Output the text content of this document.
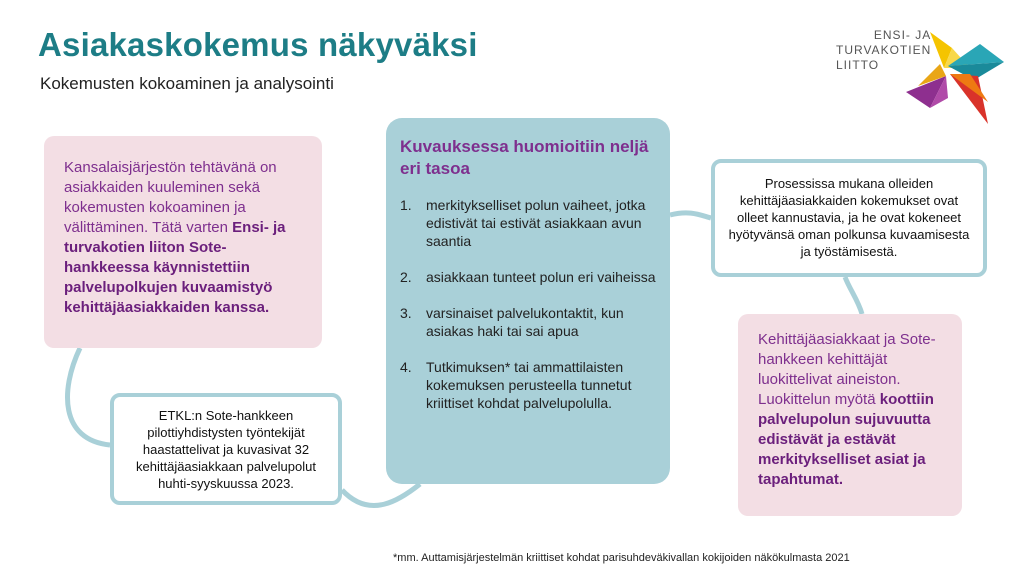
Asiakaskokemus näkyväksi
Kokemusten kokoaminen ja analysointi
ENSI- JA
TURVAKOTIEN
LIITTO
Kansalaisjärjestön tehtävänä on asiakkaiden kuuleminen sekä kokemusten kokoaminen ja välittäminen. Tätä varten Ensi- ja turvakotien liiton Sote-hankkeessa käynnistettiin palvelupolkujen kuvaamistyö kehittäjäasiakkaiden kanssa.
ETKL:n Sote-hankkeen pilottiyhdistysten työntekijät haastattelivat ja kuvasivat 32 kehittäjäasiakkaan palvelupolut huhti-syyskuussa 2023.
Kuvauksessa huomioitiin neljä eri tasoa
1.	merkitykselliset polun vaiheet, jotka edistivät tai estivät asiakkaan avun saantia
2.	asiakkaan tunteet polun eri vaiheissa
3.	varsinaiset palvelukontaktit, kun asiakas haki tai sai apua
4.	Tutkimuksen* tai ammattilaisten kokemuksen perusteella tunnetut kriittiset kohdat palvelupolulla.
Prosessissa mukana olleiden kehittäjäasiakkaiden kokemukset ovat olleet kannustavia, ja he ovat kokeneet hyötyvänsä oman polkunsa kuvaamisesta ja työstämisestä.
Kehittäjäasiakkaat ja Sote-hankkeen kehittäjät luokittelivat aineiston. Luokittelun myötä koottiin palvelupolun sujuvuutta edistävät ja estävät merkitykselliset asiat ja tapahtumat.
*mm. Auttamisjärjestelmän kriittiset kohdat parisuhdeväkivallan kokijoiden näkökulmasta 2021
